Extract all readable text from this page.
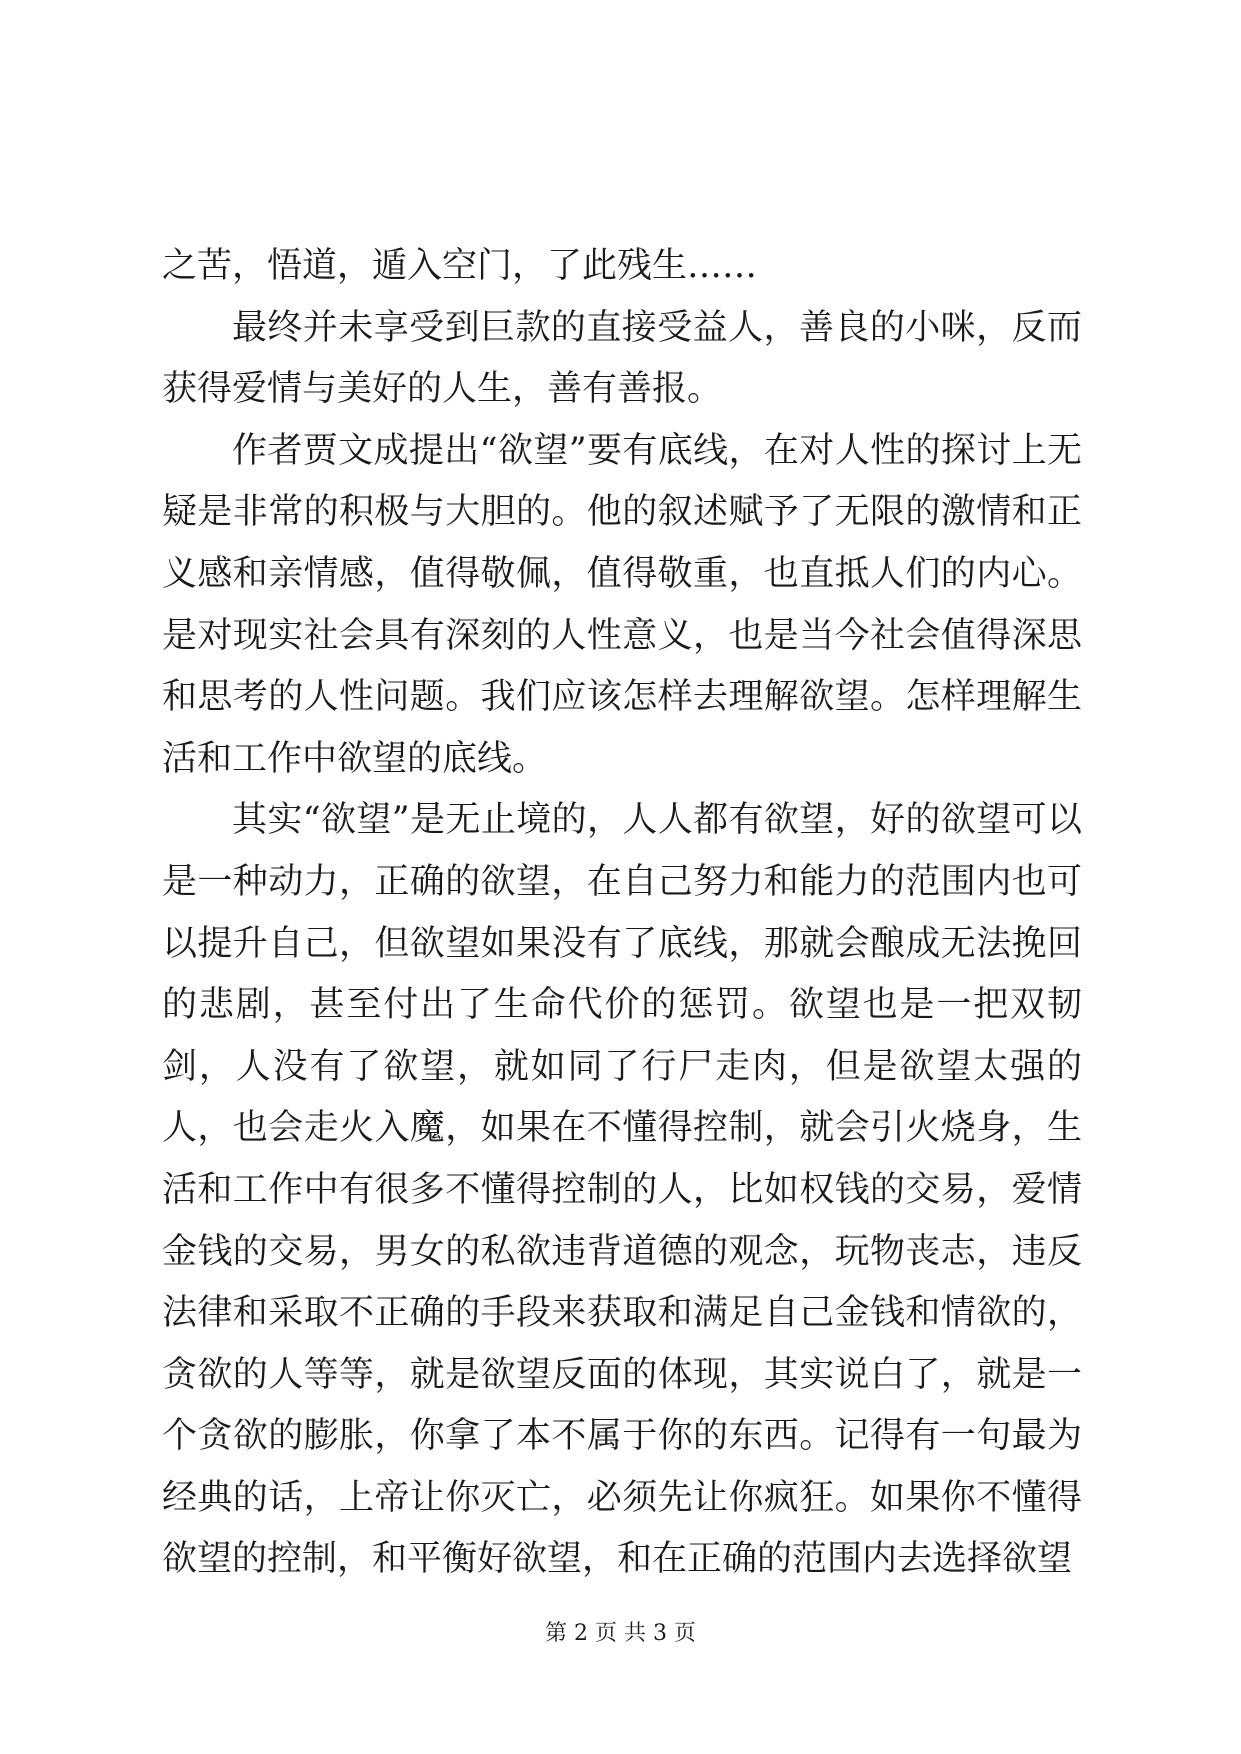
之苦，悟道，遁入空门，了此残生……

最终并未享受到巨款的直接受益人，善良的小咪，反而获得爱情与美好的人生，善有善报。

作者贾文成提出“欲望”要有底线，在对人性的探讨上无疑是非常的积极与大胆的。他的叙述赋予了无限的激情和正义感和亲情感，值得敬佩，值得敬重，也直抵人们的内心。是对现实社会具有深刻的人性意义，也是当今社会值得深思和思考的人性问题。我们应该怎样去理解欲望。怎样理解生活和工作中欲望的底线。

其实“欲望”是无止境的，人人都有欲望，好的欲望可以是一种动力，正确的欲望，在自己努力和能力的范围内也可以提升自己，但欲望如果没有了底线，那就会酿成无法挽回的悲剧，甚至付出了生命代价的惩罚。欲望也是一把双韧剑，人没有了欲望，就如同了行尸走肉，但是欲望太强的人，也会走火入魔，如果在不懂得控制，就会引火烧身，生活和工作中有很多不懂得控制的人，比如权钱的交易，爱情金钱的交易，男女的私欲违背道德的观念，玩物丧志，违反法律和采取不正确的手段来获取和满足自己金钱和情欲的，贪欲的人等等，就是欲望反面的体现，其实说白了，就是一个贪欲的膨胀，你拿了本不属于你的东西。记得有一句最为经典的话，上帝让你灭亡，必须先让你疯狂。如果你不懂得欲望的控制，和平衡好欲望，和在正确的范围内去选择欲望

第 2 页 共 3 页
